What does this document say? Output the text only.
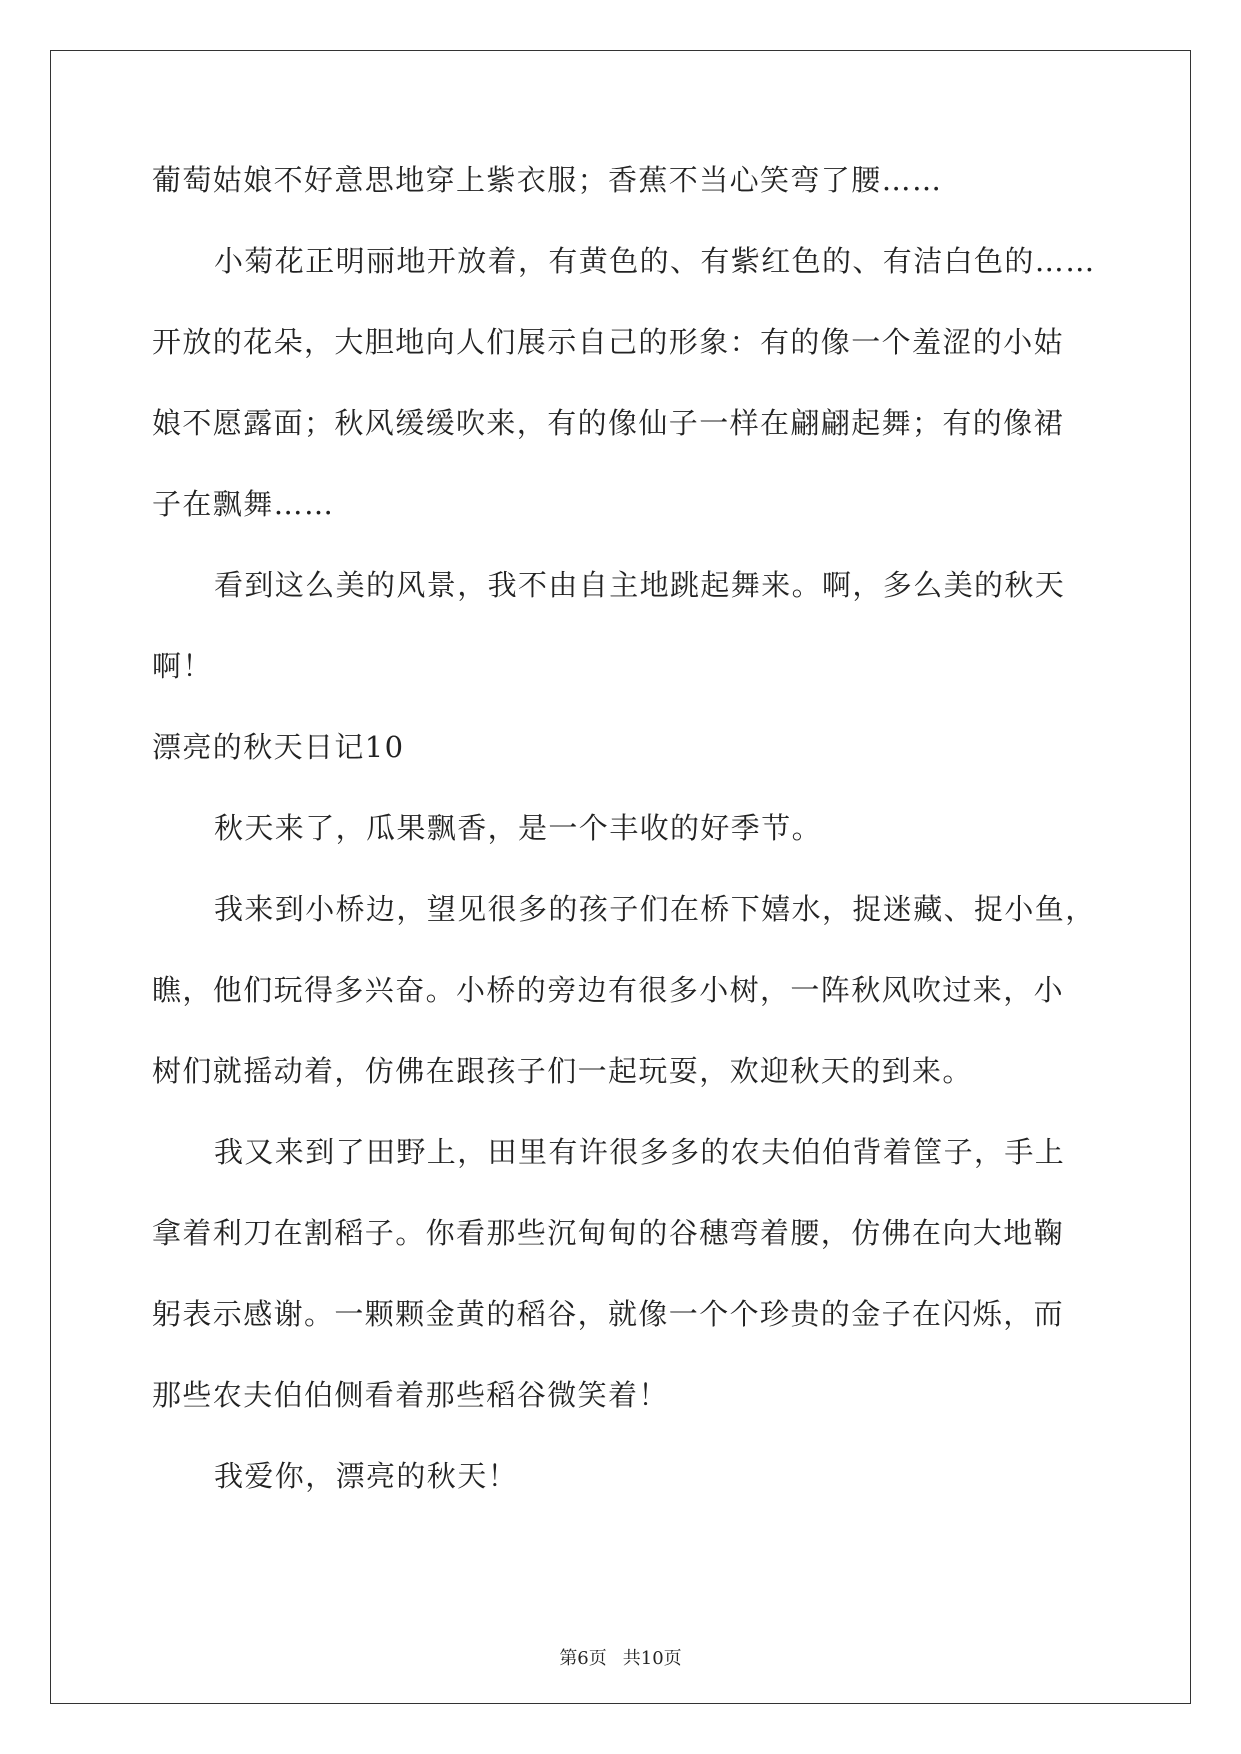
葡萄姑娘不好意思地穿上紫衣服；香蕉不当心笑弯了腰……
小菊花正明丽地开放着，有黄色的、有紫红色的、有洁白色的……
开放的花朵，大胆地向人们展示自己的形象：有的像一个羞涩的小姑
娘不愿露面；秋风缓缓吹来，有的像仙子一样在翩翩起舞；有的像裙
子在飘舞……
看到这么美的风景，我不由自主地跳起舞来。啊，多么美的秋天
啊！
漂亮的秋天日记10
秋天来了，瓜果飘香，是一个丰收的好季节。
我来到小桥边，望见很多的孩子们在桥下嬉水，捉迷藏、捉小鱼，
瞧，他们玩得多兴奋。小桥的旁边有很多小树，一阵秋风吹过来，小
树们就摇动着，仿佛在跟孩子们一起玩耍，欢迎秋天的到来。
我又来到了田野上，田里有许很多多的农夫伯伯背着筐子，手上
拿着利刀在割稻子。你看那些沉甸甸的谷穗弯着腰，仿佛在向大地鞠
躬表示感谢。一颗颗金黄的稻谷，就像一个个珍贵的金子在闪烁，而
那些农夫伯伯侧看着那些稻谷微笑着！
我爱你，漂亮的秋天！
第6页 共10页
